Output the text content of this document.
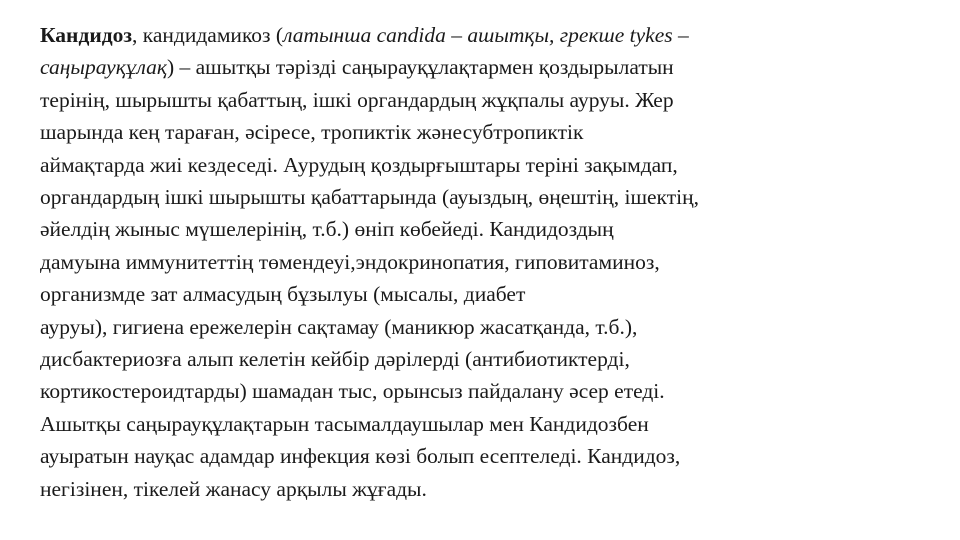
Кандидоз, кандидамикоз (латынша candida – ашытқы, грекше tykes –
саңырауқұлақ) – ашытқы тәрізді саңырауқұлақтармен қоздырылатын
терінің, шырышты қабаттың, ішкі органдардың жұқпалы ауруы. Жер
шарында кең тараған, әсіресе, тропиктік жәнесубтропиктік
аймақтарда жиі кездеседі. Аурудың қоздырғыштары теріні зақымдап,
органдардың ішкі шырышты қабаттарында (ауыздың, өңештің, ішектің,
әйелдің жыныс мүшелерінің, т.б.) өніп көбейеді. Кандидоздың
дамуына иммунитеттің төмендеуі,эндокринопатия, гиповитаминоз,
организмде зат алмасудың бұзылуы (мысалы, диабет
ауруы), гигиена ережелерін сақтамау (маникюр жасатқанда, т.б.),
дисбактериозға алып келетін кейбір дәрілерді (антибиотиктерді,
кортикостероидтарды) шамадан тыс, орынсыз пайдалану әсер етеді.
Ашытқы саңырауқұлақтарын тасымалдаушылар мен Кандидозбен
ауыратын науқас адамдар инфекция көзі болып есептеледі. Кандидоз,
негізінен, тікелей жанасу арқылы жұғады.
